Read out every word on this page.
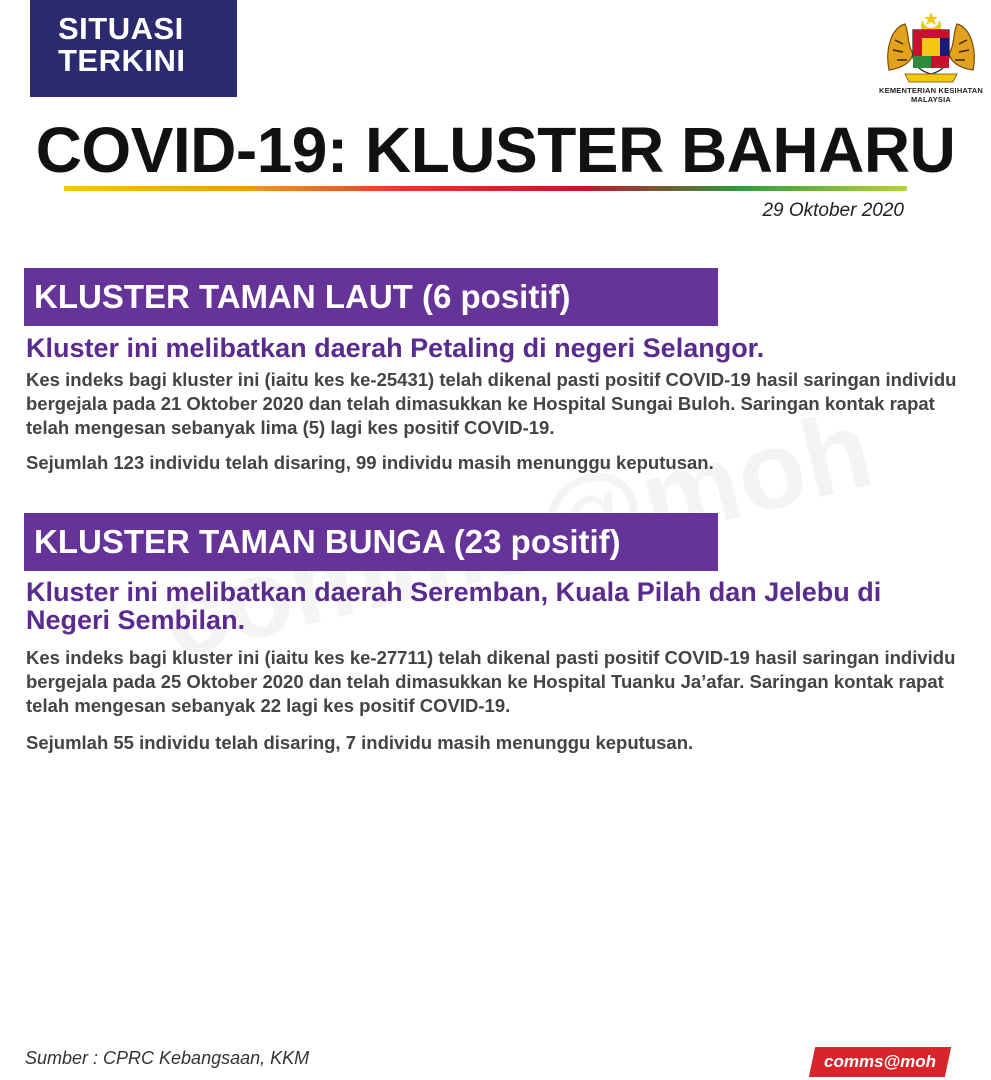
SITUASI
TERKINI
KEMENTERIAN KESIHATAN
MALAYSIA
COVID-19: KLUSTER BAHARU
29 Oktober 2020
KLUSTER TAMAN LAUT (6 positif)

Kluster ini melibatkan daerah Petaling di negeri Selangor.

Kes indeks bagi kluster ini (iaitu kes ke-25431) telah dikenal pasti positif COVID-19 hasil saringan individu bergejala pada 21 Oktober 2020 dan telah dimasukkan ke Hospital Sungai Buloh. Saringan kontak rapat telah mengesan sebanyak lima (5) lagi kes positif COVID-19.

Sejumlah 123 individu telah disaring, 99 individu masih menunggu keputusan.

KLUSTER TAMAN BUNGA (23 positif)

Kluster ini melibatkan daerah Seremban, Kuala Pilah dan Jelebu di Negeri Sembilan.

Kes indeks bagi kluster ini (iaitu kes ke-27711) telah dikenal pasti positif COVID-19 hasil saringan individu bergejala pada 25 Oktober 2020 dan telah dimasukkan ke Hospital Tuanku Ja’afar. Saringan kontak rapat telah mengesan sebanyak 22 lagi kes positif COVID-19.

Sejumlah 55 individu telah disaring, 7 individu masih menunggu keputusan.

Sumber : CPRC Kebangsaan, KKM	comms@moh
